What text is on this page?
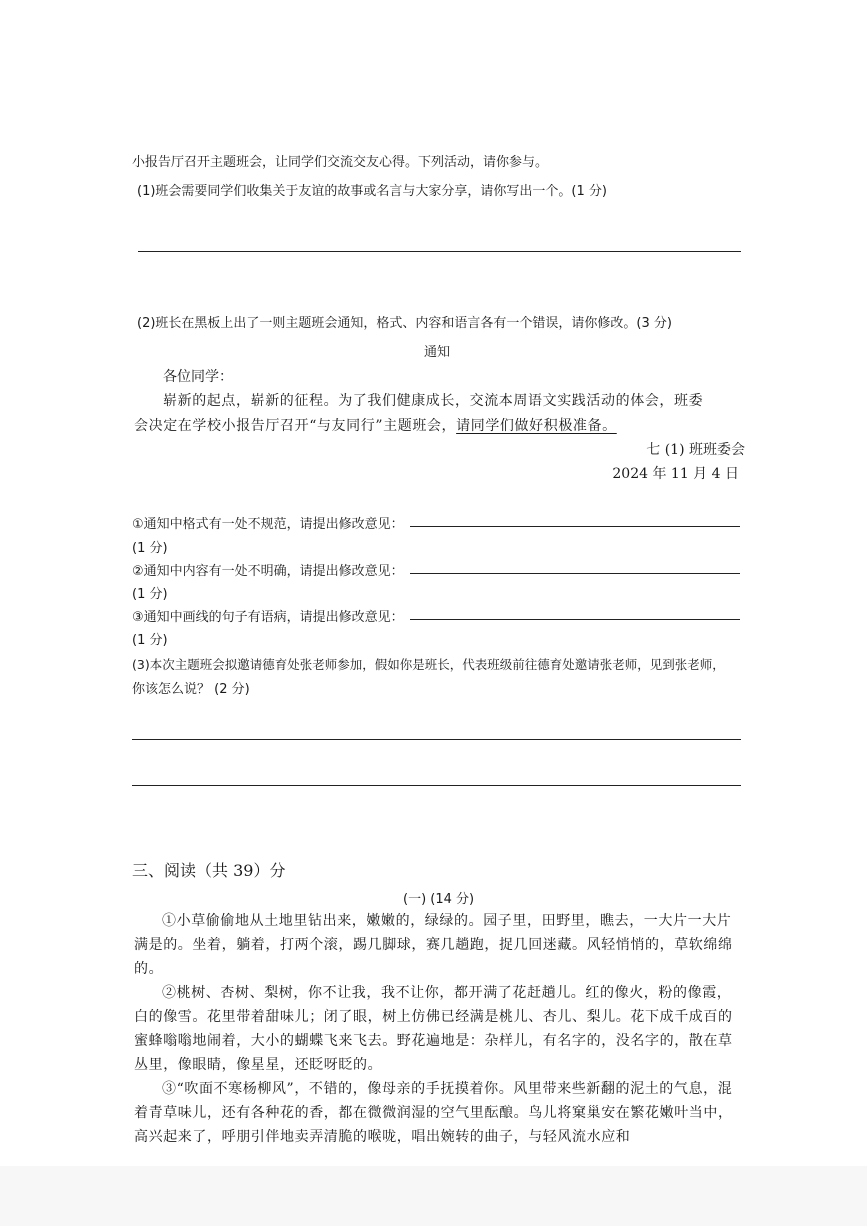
小报告厅召开主题班会，让同学们交流交友心得。下列活动，请你参与。
(1)班会需要同学们收集关于友谊的故事或名言与大家分享，请你写出一个。(1 分)
(2)班长在黑板上出了一则主题班会通知，格式、内容和语言各有一个错误，请你修改。(3 分)
通知
各位同学：
崭新的起点，崭新的征程。为了我们健康成长，交流本周语文实践活动的体会，班委
会决定在学校小报告厅召开“与友同行”主题班会，请同学们做好积极准备。
七 (1) 班班委会
2024 年 11 月 4 日
①通知中格式有一处不规范，请提出修改意见：
(1 分)
②通知中内容有一处不明确，请提出修改意见：
(1 分)
③通知中画线的句子有语病，请提出修改意见：
(1 分)
(3)本次主题班会拟邀请德育处张老师参加，假如你是班长，代表班级前往德育处邀请张老师，见到张老师，
你该怎么说？ (2 分)
三、阅读（共 39）分
(一) (14 分)

①小草偷偷地从土地里钻出来，嫩嫩的，绿绿的。园子里，田野里，瞧去，一大片一大片满是的。坐着，躺着，打两个滚，踢几脚球，赛几趟跑，捉几回迷藏。风轻悄悄的，草软绵绵的。

②桃树、杏树、梨树，你不让我，我不让你，都开满了花赶趟儿。红的像火，粉的像霞，白的像雪。花里带着甜味儿；闭了眼，树上仿佛已经满是桃儿、杏儿、梨儿。花下成千成百的蜜蜂嗡嗡地闹着，大小的蝴蝶飞来飞去。野花遍地是：杂样儿，有名字的，没名字的，散在草丛里，像眼睛，像星星，还眨呀眨的。

③“吹面不寒杨柳风”，不错的，像母亲的手抚摸着你。风里带来些新翻的泥土的气息，混着青草味儿，还有各种花的香，都在微微润湿的空气里酝酿。鸟儿将窠巢安在繁花嫩叶当中，高兴起来了，呼朋引伴地卖弄清脆的喉咙，唱出婉转的曲子，与轻风流水应和
